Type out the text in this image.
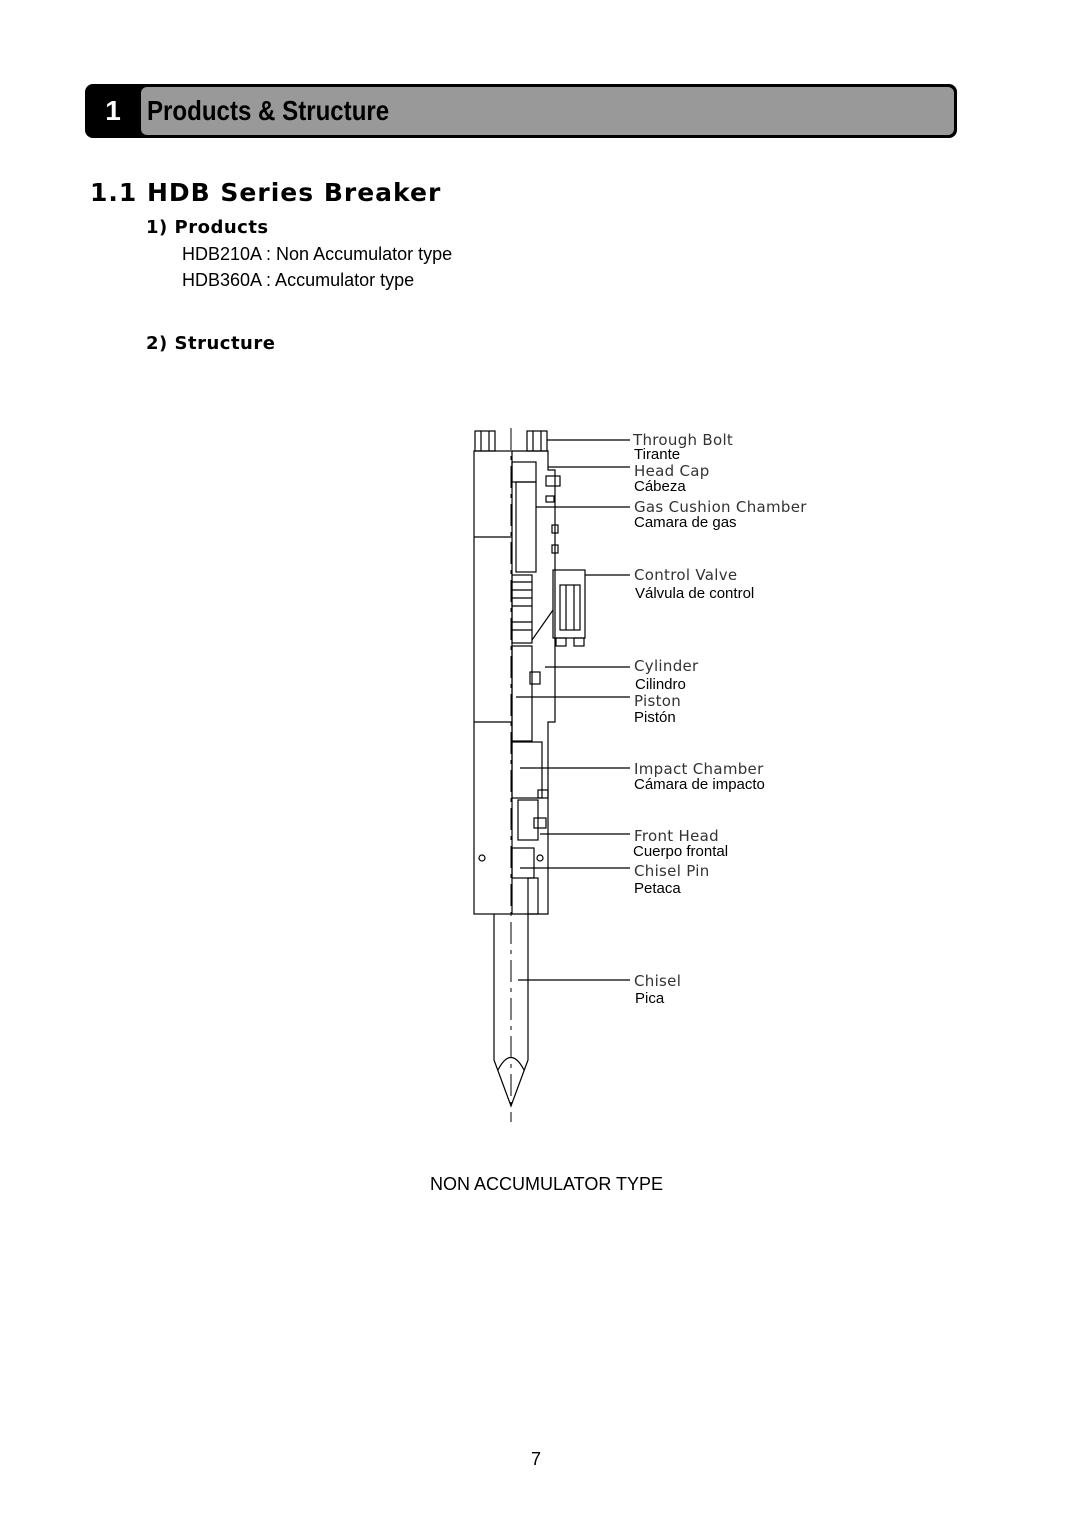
1 Products & Structure
1.1 HDB Series Breaker
1) Products
HDB210A : Non Accumulator type
HDB360A : Accumulator type
2) Structure
Through Bolt
Tirante
Head Cap
Cábeza
Gas Cushion Chamber
Camara de gas
Control Valve
Válvula de control
Cylinder
Cilindro
Piston
Pistón
Impact Chamber
Cámara de impacto
Front Head
Cuerpo frontal
Chisel Pin
Petaca
Chisel
Pica
NON ACCUMULATOR TYPE
7
